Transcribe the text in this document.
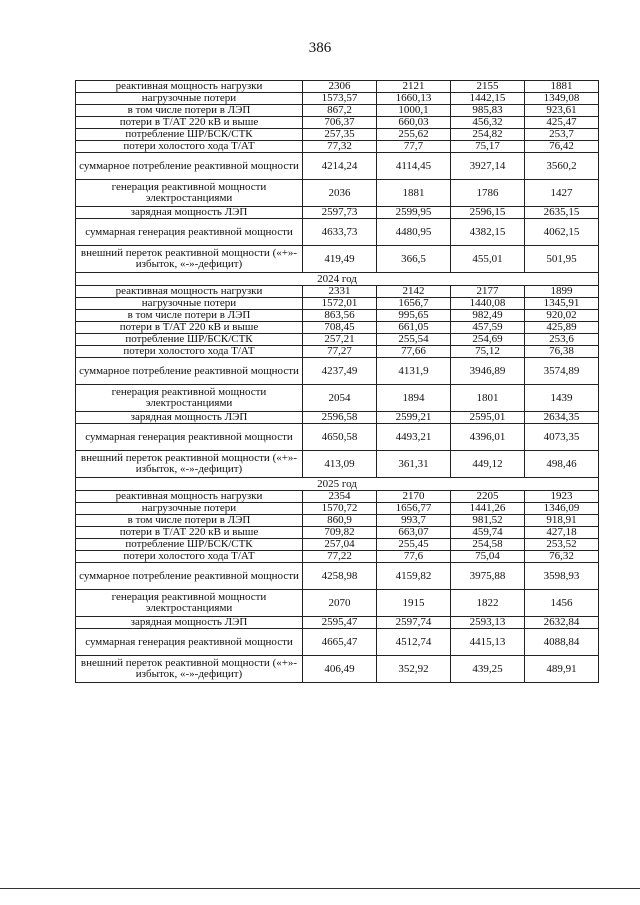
386
реактивная мощность нагрузки	2306	2121	2155	1881
нагрузочные потери	1573,57	1660,13	1442,15	1349,08
в том числе потери в ЛЭП	867,2	1000,1	985,83	923,61
потери в Т/АТ 220 кВ и выше	706,37	660,03	456,32	425,47
потребление ШР/БСК/СТК	257,35	255,62	254,82	253,7
потери холостого хода Т/АТ	77,32	77,7	75,17	76,42
суммарное потребление реактивной мощности	4214,24	4114,45	3927,14	3560,2
генерация реактивной мощности электростанциями	2036	1881	1786	1427
зарядная мощность ЛЭП	2597,73	2599,95	2596,15	2635,15
суммарная генерация реактивной мощности	4633,73	4480,95	4382,15	4062,15
внешний переток реактивной мощности («+»-избыток, «-»-дефицит)	419,49	366,5	455,01	501,95
2024 год				
реактивная мощность нагрузки	2331	2142	2177	1899
нагрузочные потери	1572,01	1656,7	1440,08	1345,91
в том числе потери в ЛЭП	863,56	995,65	982,49	920,02
потери в Т/АТ 220 кВ и выше	708,45	661,05	457,59	425,89
потребление ШР/БСК/СТК	257,21	255,54	254,69	253,6
потери холостого хода Т/АТ	77,27	77,66	75,12	76,38
суммарное потребление реактивной мощности	4237,49	4131,9	3946,89	3574,89
генерация реактивной мощности электростанциями	2054	1894	1801	1439
зарядная мощность ЛЭП	2596,58	2599,21	2595,01	2634,35
суммарная генерация реактивной мощности	4650,58	4493,21	4396,01	4073,35
внешний переток реактивной мощности («+»-избыток, «-»-дефицит)	413,09	361,31	449,12	498,46
2025 год				
реактивная мощность нагрузки	2354	2170	2205	1923
нагрузочные потери	1570,72	1656,77	1441,26	1346,09
в том числе потери в ЛЭП	860,9	993,7	981,52	918,91
потери в Т/АТ 220 кВ и выше	709,82	663,07	459,74	427,18
потребление ШР/БСК/СТК	257,04	255,45	254,58	253,52
потери холостого хода Т/АТ	77,22	77,6	75,04	76,32
суммарное потребление реактивной мощности	4258,98	4159,82	3975,88	3598,93
генерация реактивной мощности электростанциями	2070	1915	1822	1456
зарядная мощность ЛЭП	2595,47	2597,74	2593,13	2632,84
суммарная генерация реактивной мощности	4665,47	4512,74	4415,13	4088,84
внешний переток реактивной мощности («+»-избыток, «-»-дефицит)	406,49	352,92	439,25	489,91
